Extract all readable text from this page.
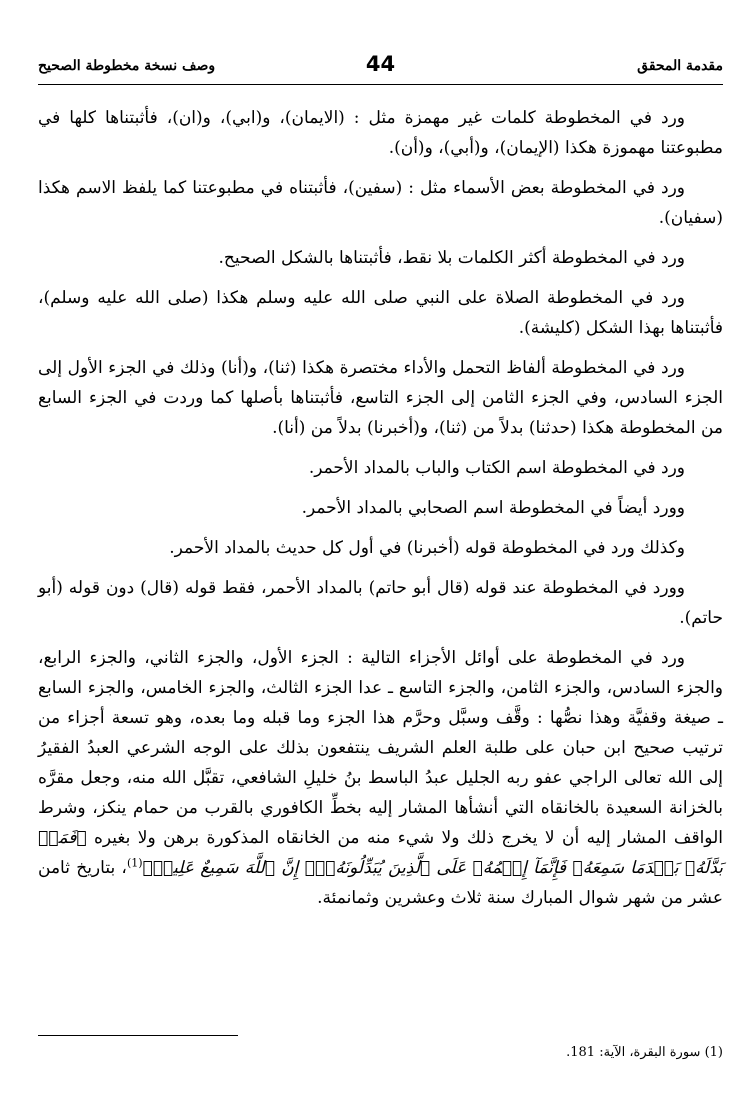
مقدمة المحقق
44
وصف نسخة مخطوطة الصحيح

ورد في المخطوطة كلمات غير مهمزة مثل : (الايمان)، و(ابي)، و(ان)، فأثبتناها كلها في مطبوعتنا مهموزة هكذا (الإيمان)، و(أبي)، و(أن).

ورد في المخطوطة بعض الأسماء مثل : (سفين)، فأثبتناه في مطبوعتنا كما يلفظ الاسم هكذا (سفيان).

ورد في المخطوطة أكثر الكلمات بلا نقط، فأثبتناها بالشكل الصحيح.

ورد في المخطوطة الصلاة على النبي صلى الله عليه وسلم هكذا (صلى الله عليه وسلم)، فأثبتناها بهذا الشكل (كليشة).

ورد في المخطوطة ألفاظ التحمل والأداء مختصرة هكذا (ثنا)، و(أنا) وذلك في الجزء الأول إلى الجزء السادس، وفي الجزء الثامن إلى الجزء التاسع، فأثبتناها بأصلها كما وردت في الجزء السابع من المخطوطة هكذا (حدثنا) بدلاً من (ثنا)، و(أخبرنا) بدلاً من (أنا).

ورد في المخطوطة اسم الكتاب والباب بالمداد الأحمر.

وورد أيضاً في المخطوطة اسم الصحابي بالمداد الأحمر.

وكذلك ورد في المخطوطة قوله (أخبرنا) في أول كل حديث بالمداد الأحمر.

وورد في المخطوطة عند قوله (قال أبو حاتم) بالمداد الأحمر، فقط قوله (قال) دون قوله (أبو حاتم).

ورد في المخطوطة على أوائل الأجزاء التالية : الجزء الأول، والجزء الثاني، والجزء الرابع، والجزء السادس، والجزء الثامن، والجزء التاسع ـ عدا الجزء الثالث، والجزء الخامس، والجزء السابع ـ صيغة وقفيَّة وهذا نصُّها : وقَّف وسبَّل وحرَّم هذا الجزء وما قبله وما بعده، وهو تسعة أجزاء من ترتيب صحيح ابن حبان على طلبة العلم الشريف ينتفعون بذلك على الوجه الشرعي العبدُ الفقيرُ إلى الله تعالى الراجي عفو ربه الجليل عبدُ الباسط بنُ خليلِ الشافعي، تقبَّل الله منه، وجعل مقرَّه بالخزانة السعيدة بالخانقاه التي أنشأها المشار إليه بخطِّ الكافوري بالقرب من حمام ينكز، وشرط الواقف المشار إليه أن لا يخرج ذلك ولا شيء منه من الخانقاه المذكورة برهن ولا بغيره ﴿فَمَنۢ بَدَّلَهُۥ بَعۡدَمَا سَمِعَهُۥ فَإِنَّمَآ إِثۡمُهُۥ عَلَى ٱلَّذِينَ يُبَدِّلُونَهُۥٓۚ إِنَّ ٱللَّهَ سَمِيعٌ عَلِيمٞ﴾$^{(1)}$، بتاريخ ثامن عشر من شهر شوال المبارك سنة ثلاث وعشرين وثمانمئة.

(1) سورة البقرة، الآية: 181.
